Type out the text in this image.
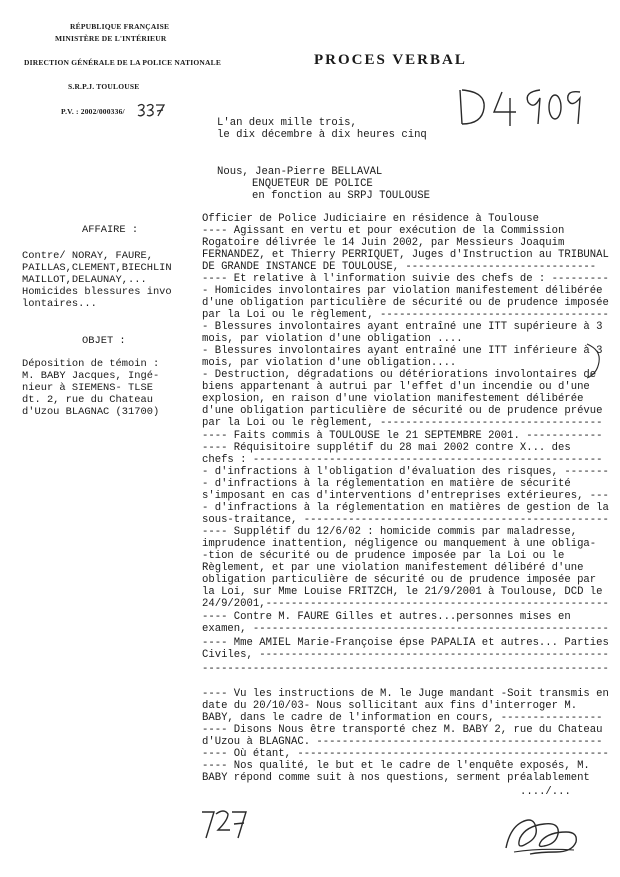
RÉPUBLIQUE FRANÇAISE
MINISTÈRE DE L'INTÉRIEUR
DIRECTION GÉNÉRALE DE LA POLICE NATIONALE
S.R.P.J. TOULOUSE
P.V. : 2002/000336/
PROCES VERBAL
L'an deux mille trois,
le dix décembre à dix heures cinq
Nous, Jean-Pierre BELLAVAL
ENQUETEUR DE POLICE
en fonction au SRPJ TOULOUSE
AFFAIRE :
Contre/ NORAY, FAURE,
PAILLAS,CLEMENT,BIECHLIN
MAILLOT,DELAUNAY,...
Homicides blessures invo
lontaires...
OBJET :
Déposition de témoin :
M. BABY Jacques, Ingé-
nieur à SIEMENS- TLSE
dt. 2, rue du Chateau
d'Uzou BLAGNAC (31700)
Officier de Police Judiciaire en résidence à Toulouse
---- Agissant en vertu et pour exécution de la Commission
Rogatoire délivrée le 14 Juin 2002, par Messieurs Joaquim
FERNANDEZ, et Thierry PERRIQUET, Juges d'Instruction au TRIBUNAL
DE GRANDE INSTANCE DE TOULOUSE, ------------------------------
---- Et relative à l'information suivie des chefs de : ---------
- Homicides involontaires par violation manifestement délibérée
d'une obligation particulière de sécurité ou de prudence imposée
par la Loi ou le règlement, ------------------------------------
- Blessures involontaires ayant entraîné une ITT supérieure à 3
mois, par violation d'une obligation ....
- Blessures involontaires ayant entraîné une ITT inférieure à 3
mois, par violation d'une obligation....
- Destruction, dégradations ou détériorations involontaires de
biens appartenant à autrui par l'effet d'un incendie ou d'une
explosion, en raison d'une violation manifestement délibérée
d'une obligation particulière de sécurité ou de prudence prévue
par la Loi ou le règlement, -----------------------------------
---- Faits commis à TOULOUSE le 21 SEPTEMBRE 2001. ------------
---- Réquisitoire supplétif du 28 mai 2002 contre X... des
chefs : -------------------------------------------------------
- d'infractions à l'obligation d'évaluation des risques, -------
- d'infractions à la réglementation en matière de sécurité
s'imposant en cas d'interventions d'entreprises extérieures, ---
- d'infractions à la réglementation en matières de gestion de la
sous-traitance, ------------------------------------------------
---- Supplétif du 12/6/02 : homicide commis par maladresse,
imprudence inattention, négligence ou manquement à une obliga-
-tion de sécurité ou de prudence imposée par la Loi ou le
Règlement, et par une violation manifestement délibéré d'une
obligation particulière de sécurité ou de prudence imposée par
la Loi, sur Mme Louise FRITZCH, le 21/9/2001 à Toulouse, DCD le
24/9/2001,------------------------------------------------------
---- Contre M. FAURE Gilles et autres...personnes mises en
examen, --------------------------------------------------------
---- Mme AMIEL Marie-Françoise épse PAPALIA et autres... Parties
Civiles, -------------------------------------------------------
----------------------------------------------------------------
---- Vu les instructions de M. le Juge mandant -Soit transmis en
date du 20/10/03- Nous sollicitant aux fins d'interroger M.
BABY, dans le cadre de l'information en cours, ----------------
---- Disons Nous être transporté chez M. BABY 2, rue du Chateau
d'Uzou à BLAGNAC. ---------------------------------------------
---- Où étant, -------------------------------------------------
---- Nos qualité, le but et le cadre de l'enquête exposés, M.
BABY répond comme suit à nos questions, serment préalablement
..../...
